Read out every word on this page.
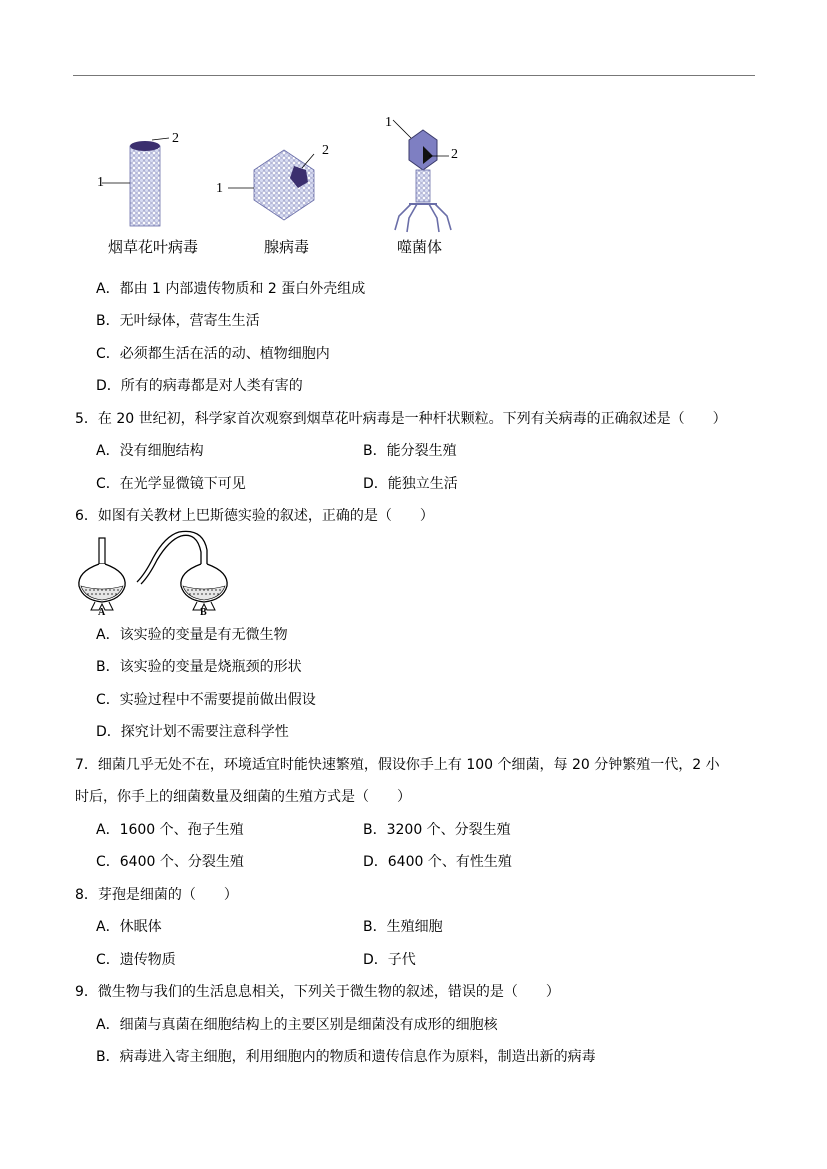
2
1
烟草花叶病毒
2
1
腺病毒
1
2
噬菌体
A．都由 1 内部遗传物质和 2 蛋白外壳组成
B．无叶绿体，营寄生生活
C．必须都生活在活的动、植物细胞内
D．所有的病毒都是对人类有害的
5．在 20 世纪初，科学家首次观察到烟草花叶病毒是一种杆状颗粒。下列有关病毒的正确叙述是（　　）
A．没有细胞结构	B．能分裂生殖
C．在光学显微镜下可见	D．能独立生活
6．如图有关教材上巴斯德实验的叙述，正确的是（　　）
A	B
A．该实验的变量是有无微生物
B．该实验的变量是烧瓶颈的形状
C．实验过程中不需要提前做出假设
D．探究计划不需要注意科学性
7．细菌几乎无处不在，环境适宜时能快速繁殖，假设你手上有 100 个细菌，每 20 分钟繁殖一代，2 小
时后，你手上的细菌数量及细菌的生殖方式是（　　）
A．1600 个、孢子生殖	B．3200 个、分裂生殖
C．6400 个、分裂生殖	D．6400 个、有性生殖
8．芽孢是细菌的（　　）
A．休眠体	B．生殖细胞
C．遗传物质	D．子代
9．微生物与我们的生活息息相关，下列关于微生物的叙述，错误的是（　　）
A．细菌与真菌在细胞结构上的主要区别是细菌没有成形的细胞核
B．病毒进入寄主细胞，利用细胞内的物质和遗传信息作为原料，制造出新的病毒
